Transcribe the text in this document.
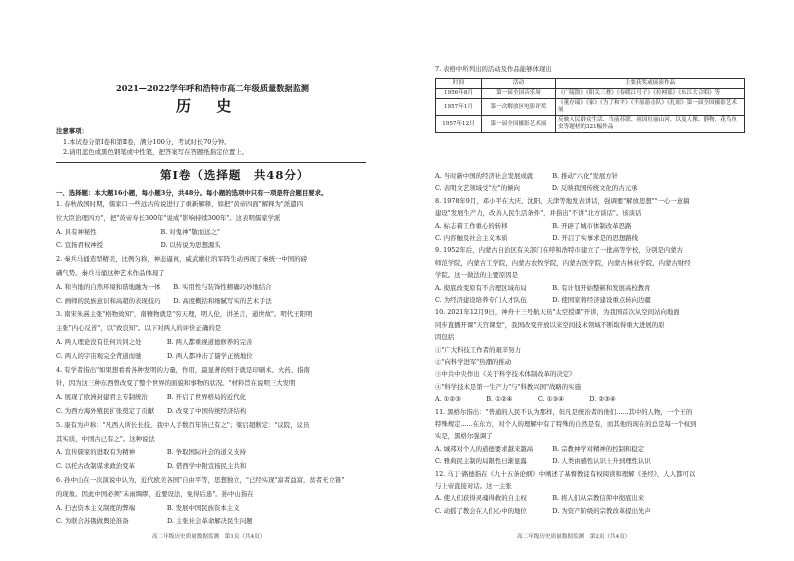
2021—2022学年呼和浩特市高二年级质量数据监测
历 史
注意事项：
1.本试卷分第Ⅰ卷和第Ⅱ卷，满分100分，考试时长70分钟。
2.请用蓝色或黑色钢笔或中性笔，把答案写在答题纸指定位置上。
第Ⅰ卷（选择题　共48分）
一、选择题：本大题16小题，每小题3分，共48分。每小题的选项中只有一项是符合题目要求。
1. 春秋战国时期，儒家口一些远古传说进行了重新解释，如把"黄帝四面"解释为"派遣四
位大臣治理四方"，把"黄帝寿长300年"说成"影响持续300年"。这表明儒家学派
A. 具有神秘性　　　　　　　　　　B. 对鬼神"敬而远之"
C. 宣扬君权神授　　　　　　　　　D. 以传说为思想源头
2. 秦兵马俑造型精美，比例匀称，神态逼真，威武雄壮的军阵生动再现了秦统一中国的磅
礴气势。秦兵马俑这种艺术作品体现了
A. 和当地的自然环境和谐地融为一体　　B. 实用性与装饰性精确巧妙地结合
C. 画师的民族意识和高超的表现技巧　　D. 高度概括和细腻写实的艺术手法
3. 南宋朱熹主张"格物致知"，南雅物就是"穷天理，明人伦，讲圣言，通世故"。明代王阳明
主张"内心反省"，以"致良知"。以下对两人的评价正确的是
A. 两人理论没有任何共同之处　　　　B. 两人都重视道德修养的完善
C. 两人的宇宙观完全背道而驰　　　　D. 两人都冲击了儒学正统地位
4. 有学者指出"如果想看看各种发明的力量，作用，最显著的则于就是印刷术、火药、指南
针，因为这三种东西曾改变了整个世界的面貌和事物的状况。"材料旨在说明三大发明
A. 展现了欧洲封建君主专制统治　　　B. 开启了世界格局的近代化
C. 为西方海外殖民扩张奠定了贡献　　D. 改变了中国传统经济结构
5. 康有为声称："凡西人所长长技，我中人手数百年皆已有之"；梁启超断定："议院，议员
其实质，中国古已有之"。这种说法
A. 宣传儒家的进取有为精神　　　　　B. 争取国际社会的道义支持
C. 以托古改制谋求政治变革　　　　　D. 借西学中附宣扬民主共和
6. 孙中山在一次演说中认为，近代欧美各国"自由平等，思想独立，"已经实现"富者益富，贫者无立锥"
的现象。因此中国必须"未雨绸缪，近要设法，免得后患"。孙中山指在
A. 扫去资本主义制度的弊端　　　　　B. 发展中国民族资本主义
C. 为联合苏俄做舆论准备　　　　　　D. 主张社会革命解决民生问题
高二年级历史质量数据监测　第1页（共4页）
7. 表格中所列出的活动及作品能够体现出
时间	活动	主要获奖或展演作品
1956年8月	第一届全国音乐周	《广陵散》《阳关三叠》《春暖江号子》《拉网谣》《东江大合唱》等
1957年1月	第一次解放区电影评奖	《董存瑞》《家》《为了和平》《平原游击队》《扎妞》第一届全国摄影艺术展
1957年12月	第一届全国摄影艺术展	反映人民群众生活、当前苏联、祖国壮丽山河、以及人像、静物、花鸟鱼虫等题材的321幅作品
A. 当时新中国的经济社会发展成就　　　B. 推动"六化"发展方针
C. 表明文艺领域受"左"的倾向　　　　　D. 反映我国传统文化的古元承
8. 1978年9月，邓小平在大庆、沈阳、天津等地发表讲话，强调要"解放思想""一心一意搞
建设"发展生产力，改善人民生活条件"，并指出"不讲"北方谈话"。该谈话
A. 标志着工作重心的转移　　　　　　　B. 开辟了城市体制改革思路
C. 内容触及社会主义本质　　　　　　　D. 开启了实事求是的思想路线
9. 1952年后，内蒙古自治区有关部门在呼和浩特市建立了一批高等学校，分别是内蒙古
师范学院，内蒙古工学院，内蒙古农牧学院，内蒙古医学院，内蒙古林业学院，内蒙古财经
学院。这一做法的主要原因是
A. 彻底改变原有不合理区域布局　　　　B. 有计划开始整顿和发展高校教育
C. 为经济建设培养专门人才队伍　　　　D. 使国家将经济建设重点转向边疆
10. 2021年12月9日，神舟十三号航天员"太空授课"开讲，为我国首次从空间站向地面
同步直播开课"天宫课堂"，我国改变开放以来空间技术领域不断取得重大进展的原
因包括
①"广大科技工作者的艰辛努力
②"向科学进军"热潮的推动
③中共中央作出《关于科学技术体制改革的决定》
④"科学技术是第一生产力"与"科教兴国"战略的实施
A. ①②③　　　　B. ①②④　　　　C. ①③④　　　　D. ②③④
11. 黑格尔指出："普通的人民不认为那样，但凡是统治者的他们......其中的人物，一个王的
特殊规定......在东方，对个人的理解中有了特殊的自然是有，而其他的现在的总是每一个权到
实是，黑格尔强调了
A. 城邦对个人的道德要求越来越高　　　B. 宗教神学对精神的控制和稳定
C. 雅典民主制的局限性日渐显露　　　　D. 人类由感性认识上升到理性认识
12. 马丁·路德指在《九十五条论纲》中阐述了基督教徒有权阅读和理解《圣经》，人人都可以
与上帝直接对话。这一主张
A. 使人们获得灵魂得救的自主权　　　　B. 将人们从宗教信仰中彻底出来
C. 动摇了教会在人们心中的地位　　　　D. 为资产阶级的宗教改革提出先声
高二年级历史质量数据监测　第2页（共4页）
